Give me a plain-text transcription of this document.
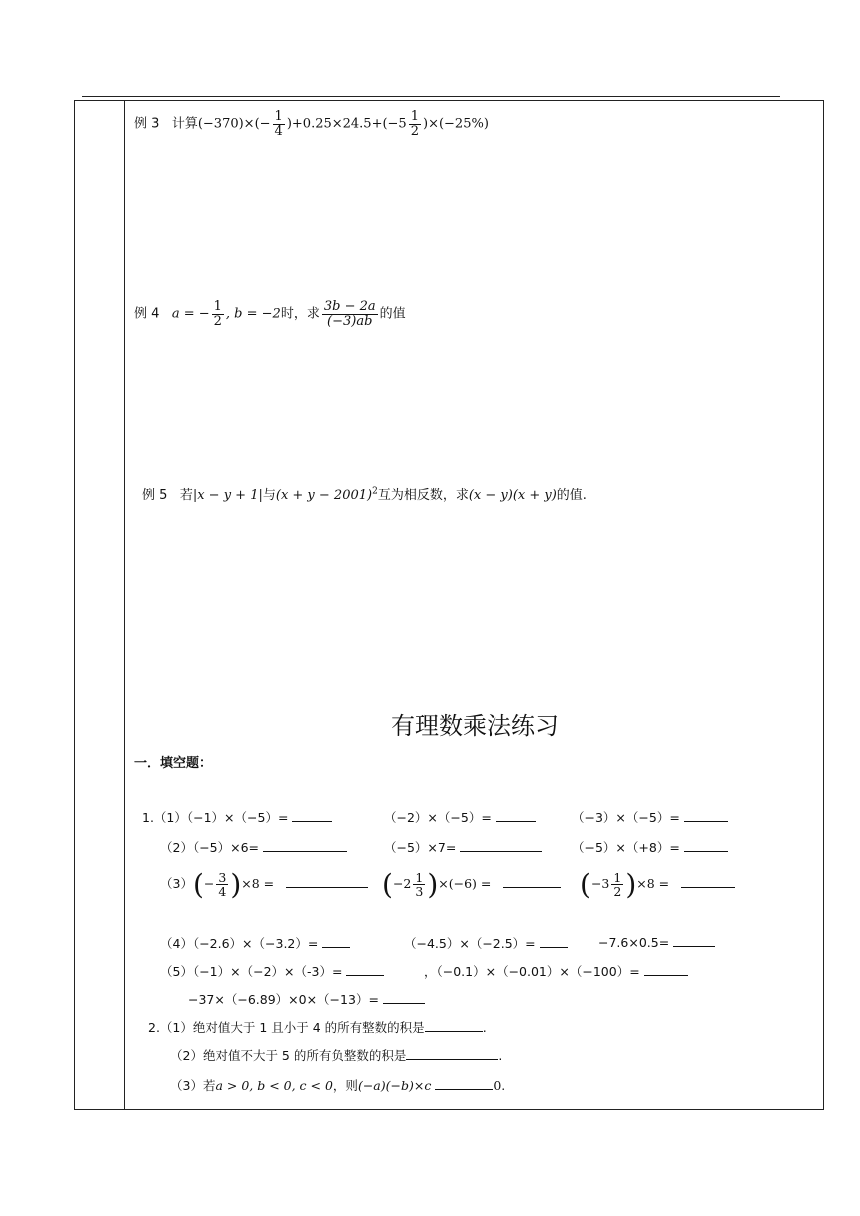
例 3 计算$(-370)\times(- \frac{1}{4} )+0.25\times 24.5+(-5 \frac{1}{2} )\times(-25\%)$
例 4 a = − $\frac{1}{2}$ , b = −2时，求 $\frac{3b - 2a}{(-3)ab}$ 的值
例 5 若|x − y + 1|与$(x + y - 2001)^2$互为相反数，求(x − y)(x + y)的值.
有理数乘法练习
一．填空题：
1.（1）（−1）×（−5）=	（−2）×（−5）=	（−3）×（−5）=
（2）（−5）×6=	（−5）×7=	（−5）×（+8）=
$(3)(- \frac{3}{4} )\times 8$ =	$(-2 \frac{1}{3} )\times(-6)$ =	$(-3 \frac{1}{2} )\times 8$ =
（4）（−2.6）×（−3.2）=	（−4.5）×（−2.5）=	−7.6×0.5=
（5）（−1）×（−2）×（-3）=	，（−0.1）×（−0.01）×（−100）=
−37×（−6.89）×0×（−13）=
2.（1）绝对值大于 1 且小于 4 的所有整数的积是	.
（2）绝对值不大于 5 的所有负整数的积是	.
（3）若a > 0, b < 0, c < 0，则(−a)(−b)×c	0.
